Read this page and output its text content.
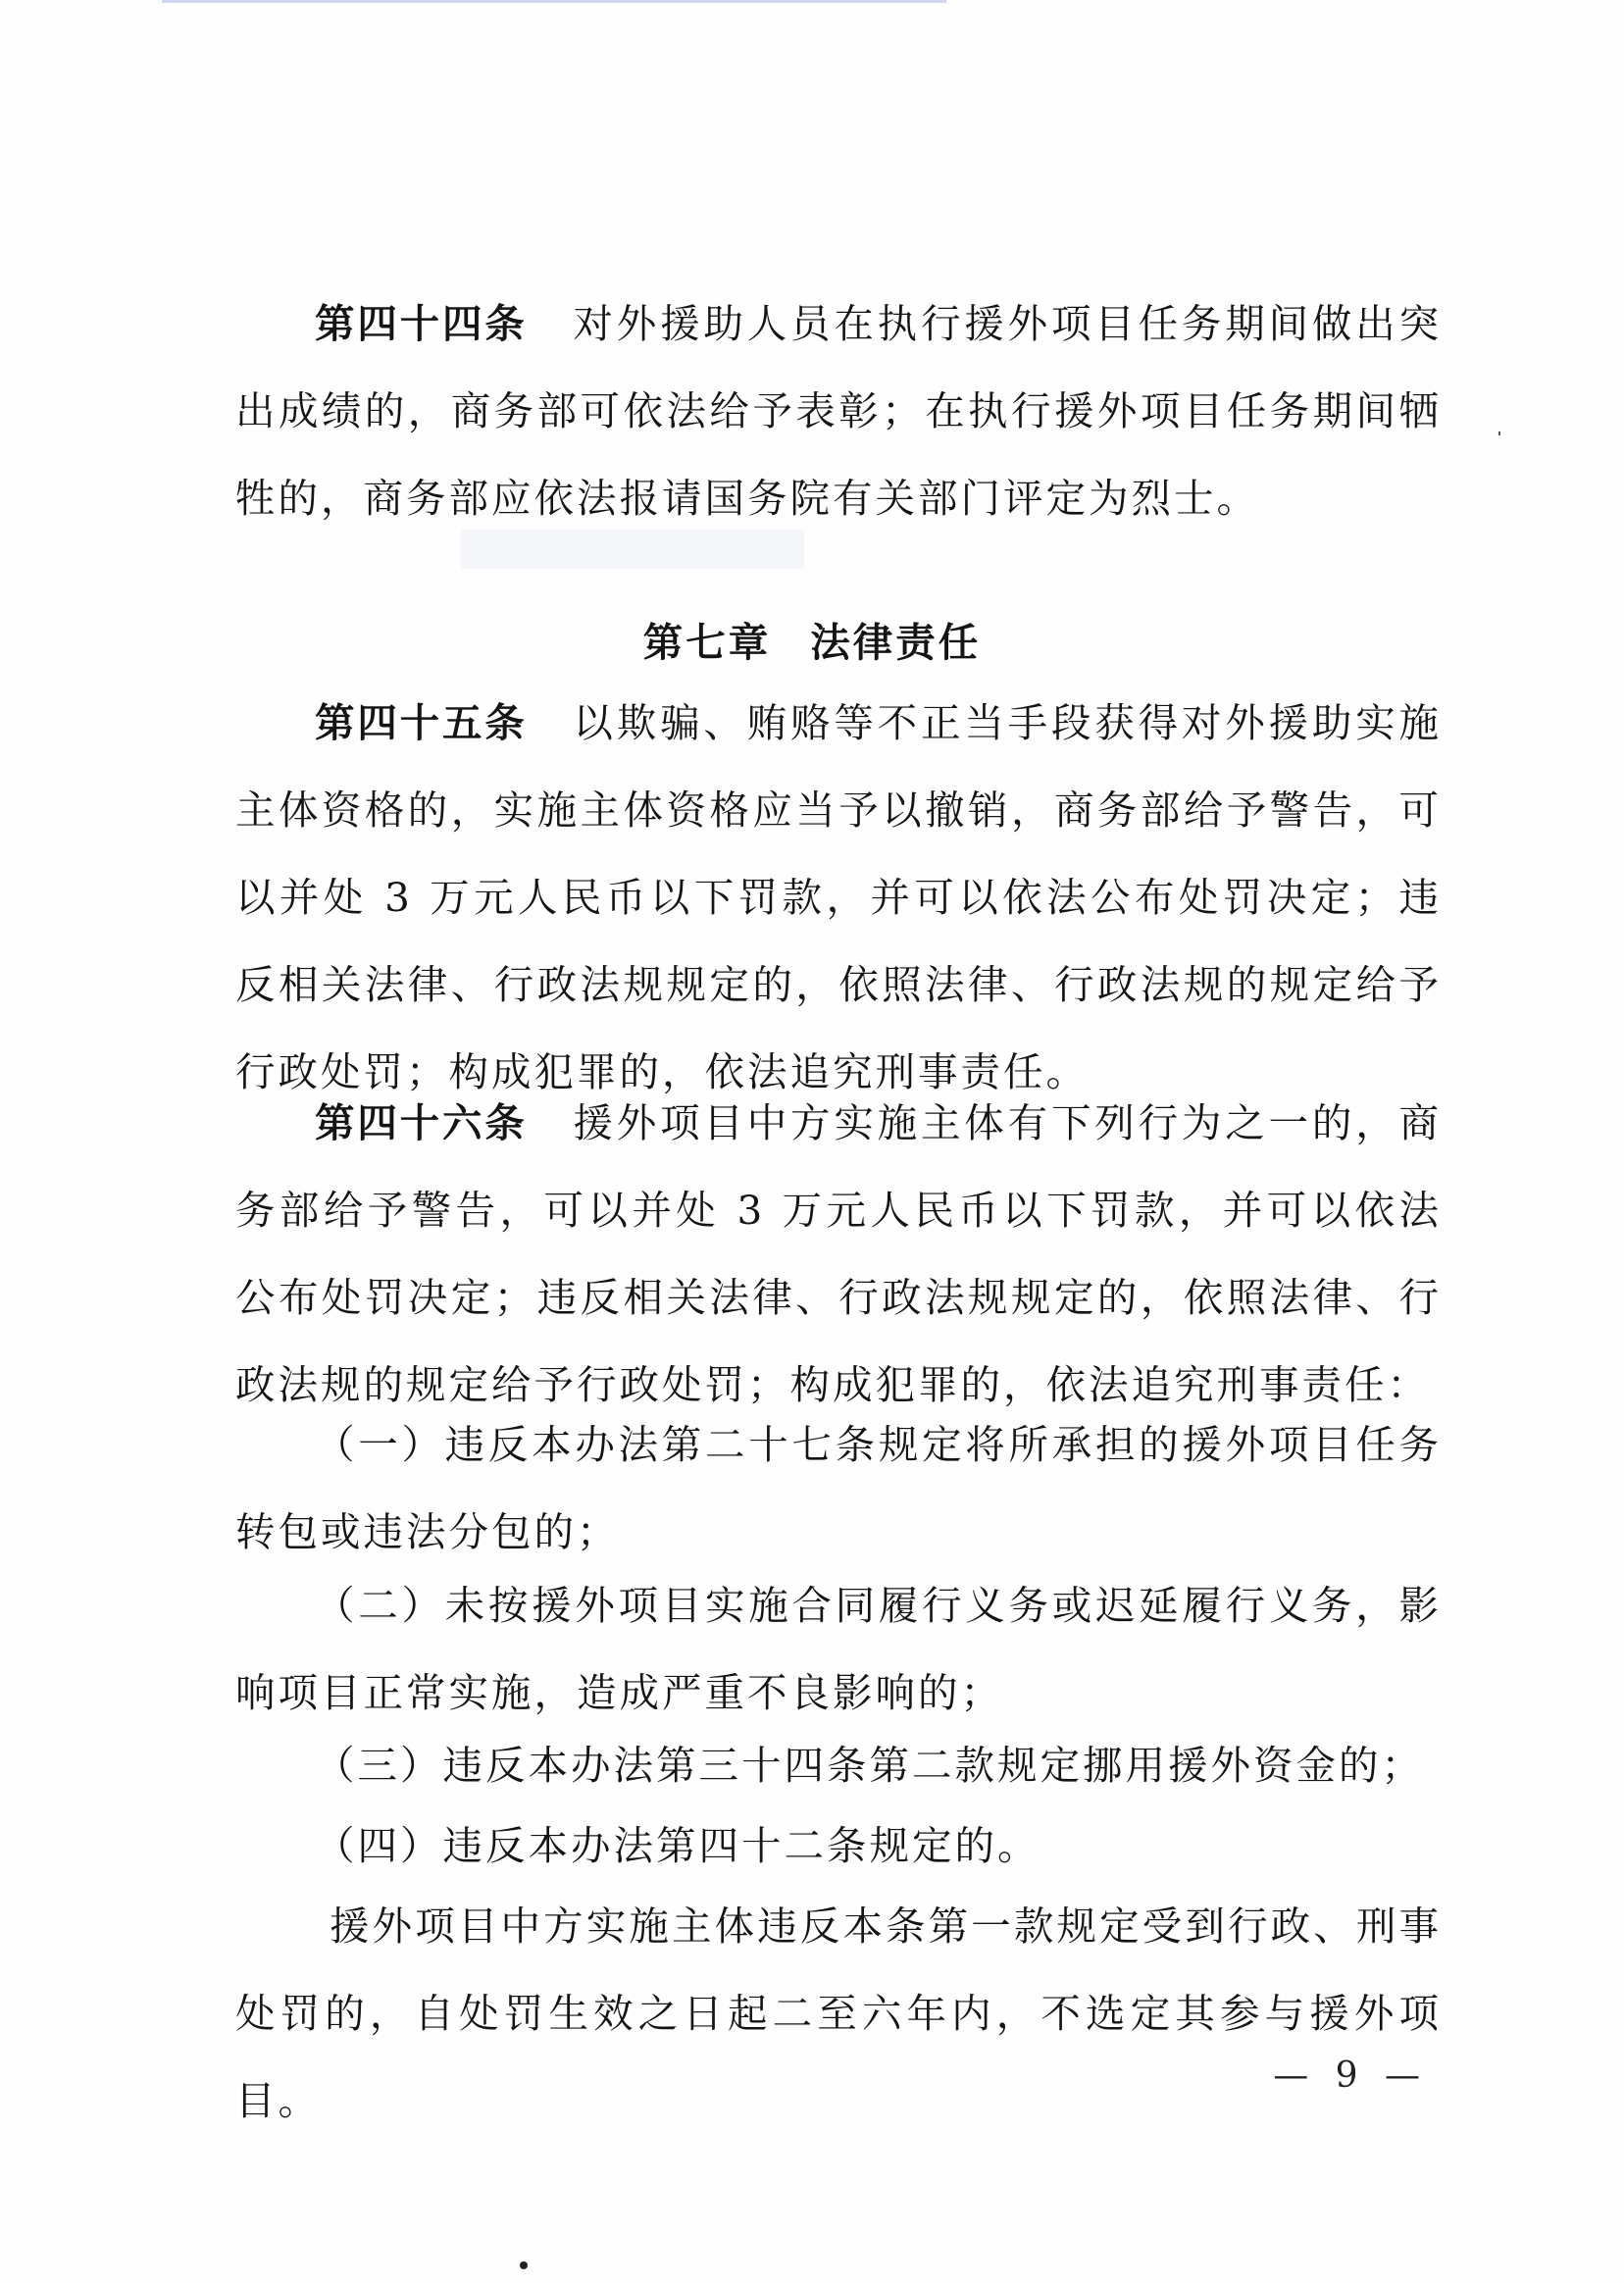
第四十四条 对外援助人员在执行援外项目任务期间做出突出成绩的，商务部可依法给予表彰；在执行援外项目任务期间牺牲的，商务部应依法报请国务院有关部门评定为烈士。

第七章 法律责任

第四十五条 以欺骗、贿赂等不正当手段获得对外援助实施主体资格的，实施主体资格应当予以撤销，商务部给予警告，可以并处 3 万元人民币以下罚款，并可以依法公布处罚决定；违反相关法律、行政法规规定的，依照法律、行政法规的规定给予行政处罚；构成犯罪的，依法追究刑事责任。

第四十六条 援外项目中方实施主体有下列行为之一的，商务部给予警告，可以并处 3 万元人民币以下罚款，并可以依法公布处罚决定；违反相关法律、行政法规规定的，依照法律、行政法规的规定给予行政处罚；构成犯罪的，依法追究刑事责任：

（一）违反本办法第二十七条规定将所承担的援外项目任务转包或违法分包的；

（二）未按援外项目实施合同履行义务或迟延履行义务，影响项目正常实施，造成严重不良影响的；

（三）违反本办法第三十四条第二款规定挪用援外资金的；

（四）违反本办法第四十二条规定的。

援外项目中方实施主体违反本条第一款规定受到行政、刑事处罚的，自处罚生效之日起二至六年内，不选定其参与援外项目。

— 9 —
